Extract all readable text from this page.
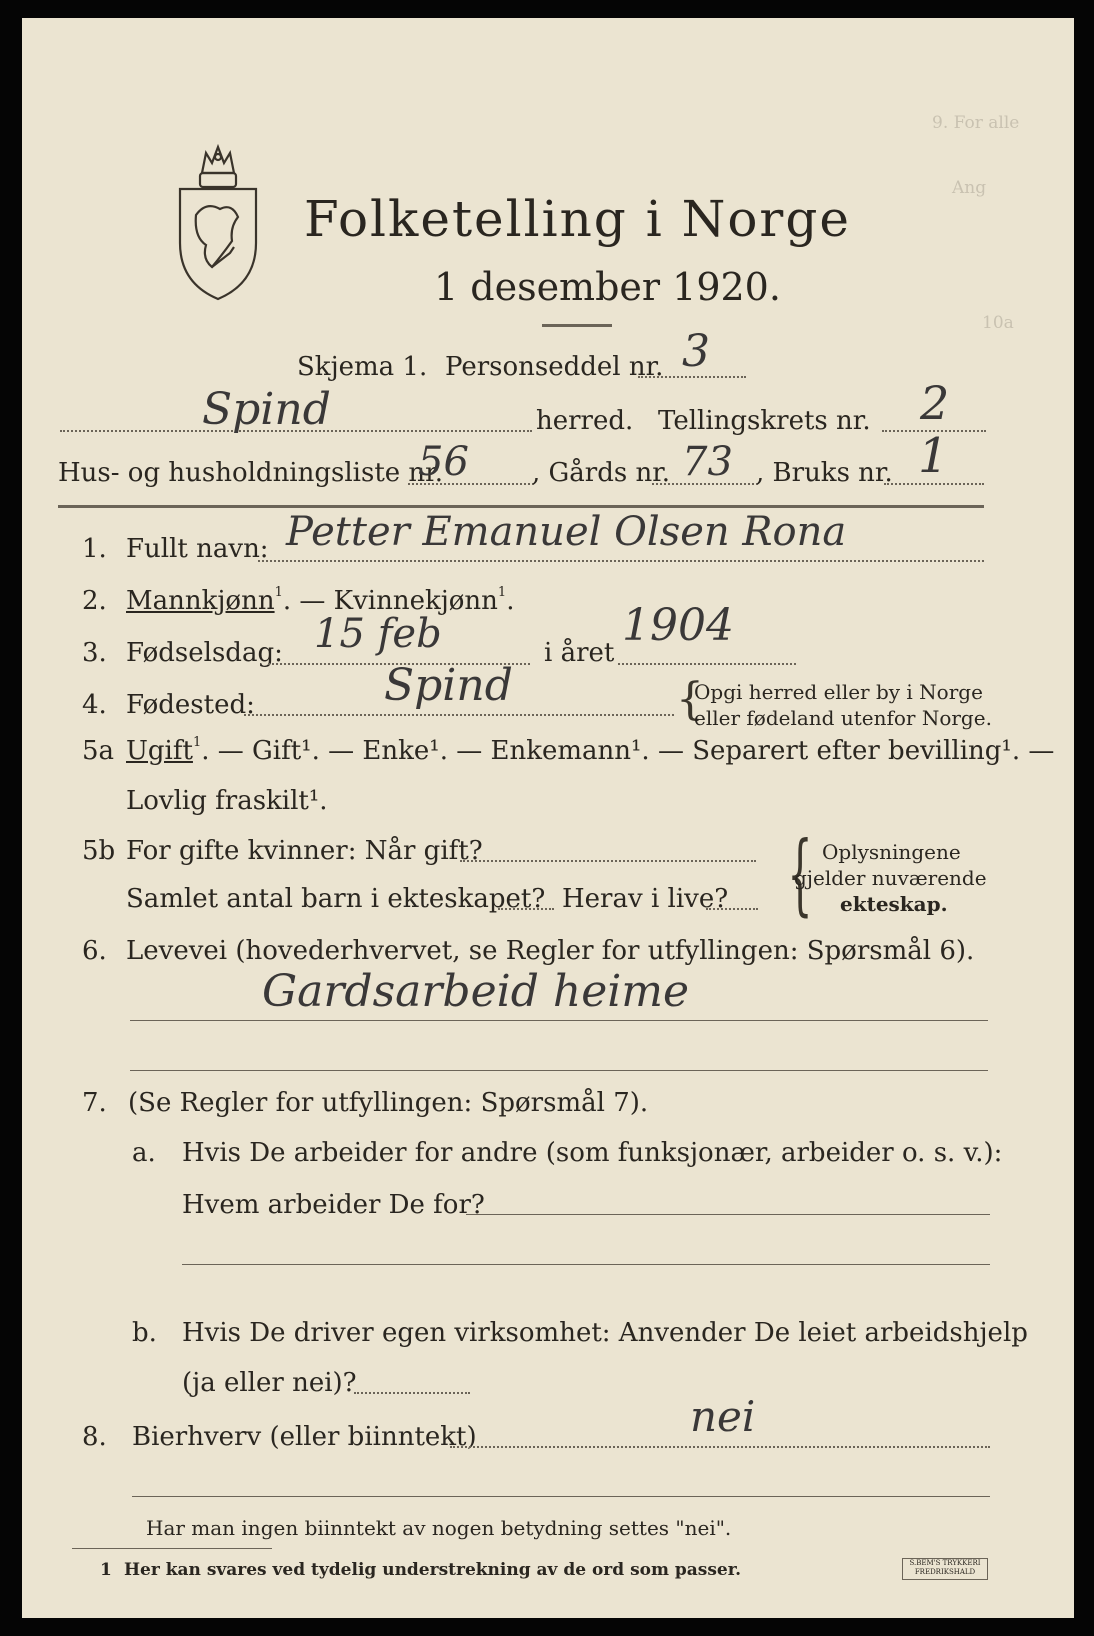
9. For alle
Ang
10a
Folketelling i Norge
1 desember 1920.
Skjema 1. Personseddel nr. 3
Spind	herred. Tellingskrets nr. 2
Hus- og husholdningsliste nr.
56 , Gårds nr. 73 , Bruks nr. 1
1. Fullt navn: Petter Emanuel Olsen Rona
2. Mannkjønn$^1$. — Kvinnekjønn$^1$.
3. Fødselsdag: 15 feb	i året
1904
4. Fødested:	Spind	{
Opgi herred eller by i Norge
eller fødeland utenfor Norge.
5a Ugift$^1$. — Gift¹. — Enke¹. — Enkemann¹. — Separert efter bevilling¹. —
Lovlig fraskilt¹.
5b For gifte kvinner: Når gift?
Samlet antal barn i ekteskapet? Herav i live? { Oplysningene
gjelder nuværende
ekteskap.
6. Levevei (hovederhvervet, se Regler for utfyllingen: Spørsmål 6).
Gardsarbeid heime
7. (Se Regler for utfyllingen: Spørsmål 7).
a. Hvis De arbeider for andre (som funksjonær, arbeider o. s. v.):
Hvem arbeider De for?
b. Hvis De driver egen virksomhet: Anvender De leiet arbeidshjelp
(ja eller nei)?
8. Bierhverv (eller biinntekt)	nei
Har man ingen biinntekt av nogen betydning settes "nei".
1 Her kan svares ved tydelig understrekning av de ord som passer.	S.BEM'S TRYKKERI FREDRIKSHALD
